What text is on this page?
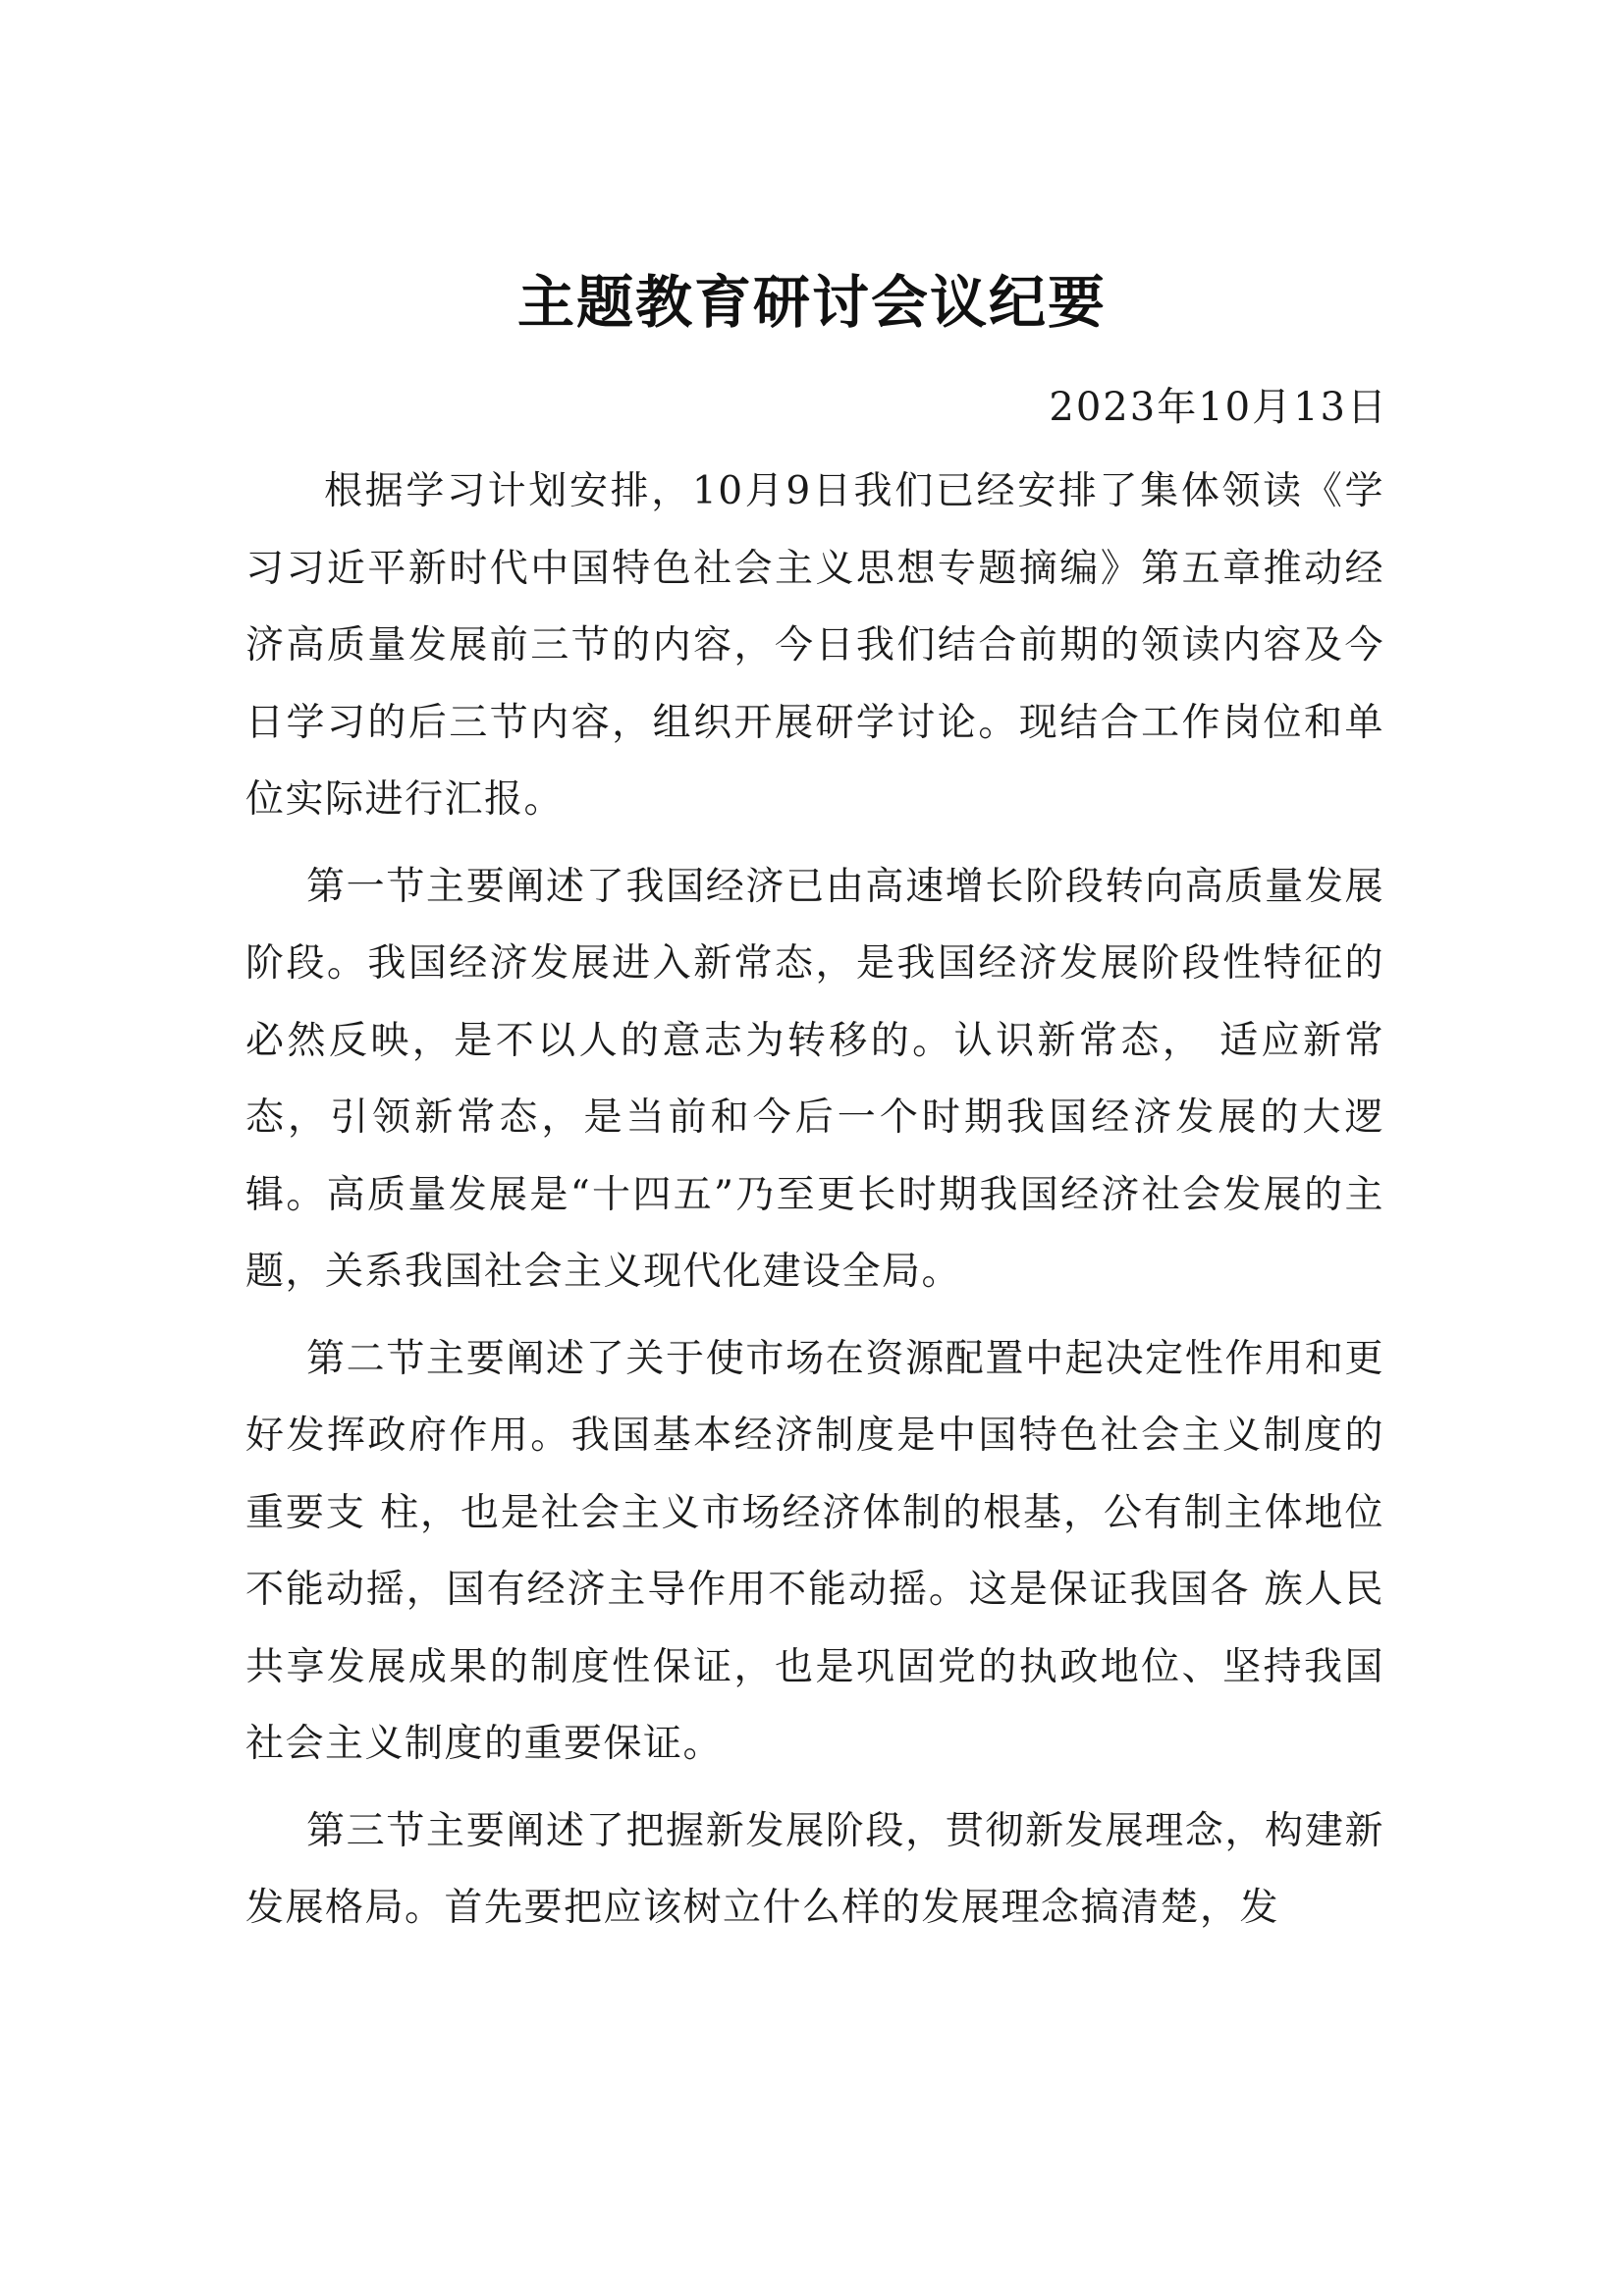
主题教育研讨会议纪要
2023年10月13日

根据学习计划安排，10月9日我们已经安排了集体领读《学习习近平新时代中国特色社会主义思想专题摘编》第五章推动经济高质量发展前三节的内容，今日我们结合前期的领读内容及今日学习的后三节内容，组织开展研学讨论。现结合工作岗位和单位实际进行汇报。

第一节主要阐述了我国经济已由高速增长阶段转向高质量发展阶段。我国经济发展进入新常态，是我国经济发展阶段性特征的必然反映，是不以人的意志为转移的。认识新常态， 适应新常态，引领新常态，是当前和今后一个时期我国经济发展的大逻辑。高质量发展是“十四五”乃至更长时期我国经济社会发展的主题，关系我国社会主义现代化建设全局。

第二节主要阐述了关于使市场在资源配置中起决定性作用和更好发挥政府作用。我国基本经济制度是中国特色社会主义制度的重要支 柱，也是社会主义市场经济体制的根基，公有制主体地位 不能动摇，国有经济主导作用不能动摇。这是保证我国各 族人民共享发展成果的制度性保证，也是巩固党的执政地位、坚持我国社会主义制度的重要保证。

第三节主要阐述了把握新发展阶段，贯彻新发展理念，构建新发展格局。首先要把应该树立什么样的发展理念搞清楚，发
